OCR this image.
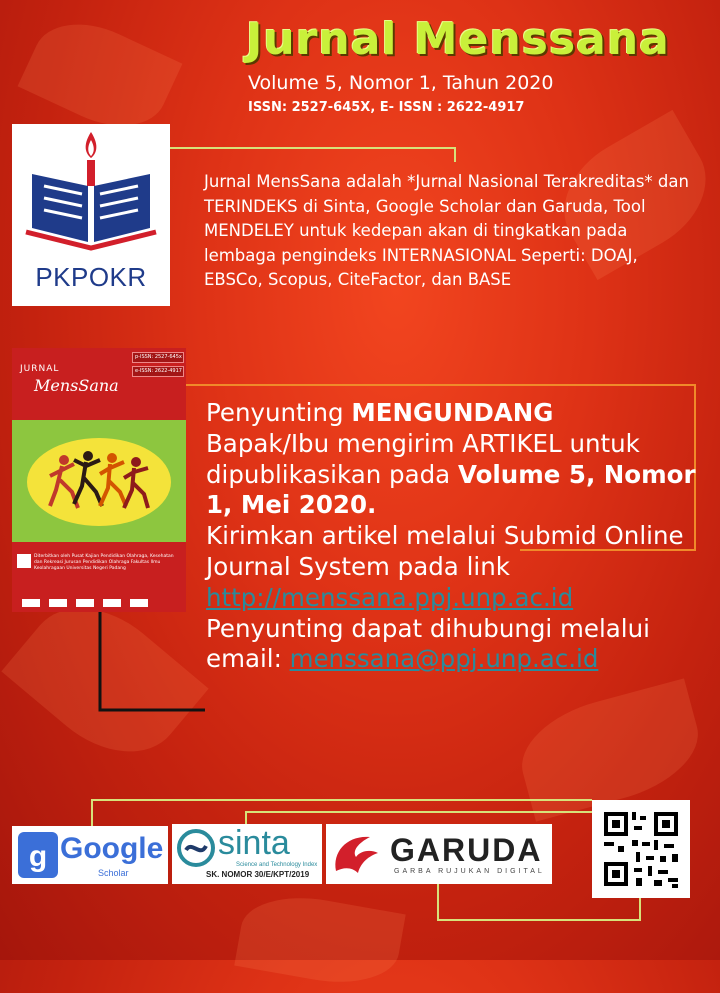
Jurnal Menssana
Volume 5, Nomor 1, Tahun 2020
ISSN: 2527-645X, E- ISSN : 2622-4917
PKPOKR
Jurnal MensSana adalah *Jurnal Nasional Terakreditas* dan TERINDEKS di Sinta, Google Scholar dan Garuda, Tool MENDELEY untuk kedepan akan di tingkatkan pada lembaga pengindeks INTERNASIONAL Seperti: DOAJ, EBSCo, Scopus, CiteFactor, dan BASE
JURNAL
MensSana
p-ISSN: 2527-645x
e-ISSN: 2622-4917
Diterbitkan oleh Pusat Kajian Pendidikan Olahraga, Kesehatan dan Rekreasi Jurusan Pendidikan Olahraga Fakultas Ilmu Keolahragaan Universitas Negeri Padang

Penyunting MENGUNDANG
Bapak/Ibu mengirim ARTIKEL untuk dipublikasikan pada Volume 5, Nomor 1, Mei 2020.
Kirimkan artikel melalui Submid Online Journal System pada link
http://menssana.ppj.unp.ac.id
Penyunting dapat dihubungi melalui email: menssana@ppj.unp.ac.id
g Google
Scholar
sinta
Science and Technology Index
SK. NOMOR 30/E/KPT/2019
GARUDA
GARBA RUJUKAN DIGITAL
